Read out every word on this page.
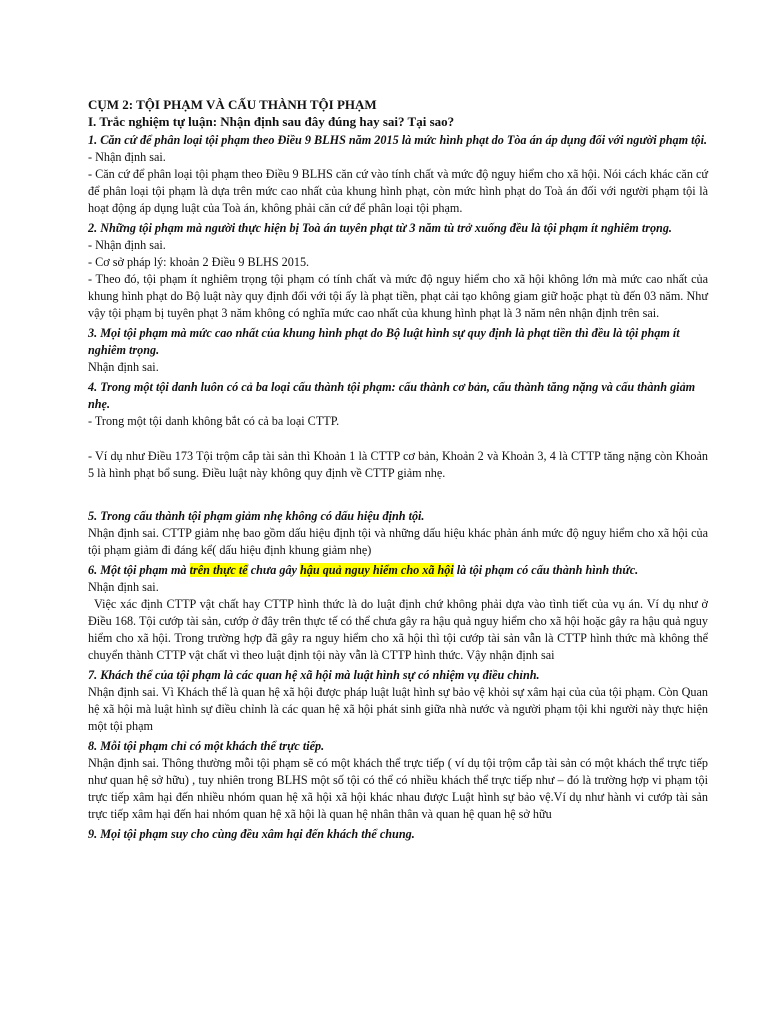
CỤM 2: TỘI PHẠM VÀ CẤU THÀNH TỘI PHẠM

I. Trắc nghiệm tự luận: Nhận định sau đây đúng hay sai? Tại sao?

1. Căn cứ để phân loại tội phạm theo Điều 9 BLHS năm 2015 là mức hình phạt do Tòa án áp dụng đối với người phạm tội.

- Nhận định sai.

- Căn cứ để phân loại tội phạm theo Điều 9 BLHS căn cứ vào tính chất và mức độ nguy hiểm cho xã hội. Nói cách khác căn cứ để phân loại tội phạm là dựa trên mức cao nhất của khung hình phạt, còn mức hình phạt do Toà án đối với người phạm tội là hoạt động áp dụng luật của Toà án, không phải căn cứ để phân loại tội phạm.

2. Những tội phạm mà người thực hiện bị Toà án tuyên phạt từ 3 năm tù trở xuống đều là tội phạm ít nghiêm trọng.

- Nhận định sai.

- Cơ sở pháp lý: khoản 2 Điều 9 BLHS 2015.

- Theo đó, tội phạm ít nghiêm trọng tội phạm có tính chất và mức độ nguy hiểm cho xã hội không lớn mà mức cao nhất của khung hình phạt do Bộ luật này quy định đối với tội ấy là phạt tiền, phạt cải tạo không giam giữ hoặc phạt tù đến 03 năm. Như vậy tội phạm bị tuyên phạt 3 năm không có nghĩa mức cao nhất của khung hình phạt là 3 năm nên nhận định trên sai.

3. Mọi tội phạm mà mức cao nhất của khung hình phạt do Bộ luật hình sự quy định là phạt tiền thì đều là tội phạm ít nghiêm trọng.

Nhận định sai.

4. Trong một tội danh luôn có cả ba loại cấu thành tội phạm: cấu thành cơ bản, cấu thành tăng nặng và cấu thành giảm nhẹ.

- Trong một tội danh không bắt có cả ba loại CTTP.

- Ví dụ như Điều 173 Tội trộm cắp tài sản thì Khoản 1 là CTTP cơ bản, Khoản 2 và Khoản 3, 4 là CTTP tăng nặng còn Khoản 5 là hình phạt bổ sung. Điều luật này không quy định về CTTP giảm nhẹ.

5. Trong cấu thành tội phạm giảm nhẹ không có dấu hiệu định tội.

Nhận định sai. CTTP giảm nhẹ bao gồm dấu hiệu định tội và những dấu hiệu khác phản ánh mức độ nguy hiểm cho xã hội của tội phạm giảm đi đáng kể( dấu hiệu định khung giảm nhẹ)

6. Một tội phạm mà trên thực tế chưa gây hậu quả nguy hiểm cho xã hội là tội phạm có cấu thành hình thức.

Nhận định sai.

Việc xác định CTTP vật chất hay CTTP hình thức là do luật định chứ không phải dựa vào tình tiết của vụ án. Ví dụ như ở Điều 168. Tội cướp tài sản, cướp ở đây trên thực tế có thể chưa gây ra hậu quả nguy hiểm cho xã hội hoặc gây ra hậu quả nguy hiểm cho xã hội. Trong trường hợp đã gây ra nguy hiểm cho xã hội thì tội cướp tài sản vẫn là CTTP hình thức mà không thể chuyển thành CTTP vật chất vì theo luật định tội này vẫn là CTTP hình thức. Vậy nhận định sai

7. Khách thể của tội phạm là các quan hệ xã hội mà luật hình sự có nhiệm vụ điều chỉnh.

Nhận định sai. Vì Khách thể là quan hệ xã hội được pháp luật luật hình sự bảo vệ khỏi sự xâm hại của của tội phạm. Còn Quan hệ xã hội mà luật hình sự điều chỉnh là các quan hệ xã hội phát sinh giữa nhà nước và người phạm tội khi người này thực hiện một tội phạm

8. Mỗi tội phạm chỉ có một khách thể trực tiếp.

Nhận định sai. Thông thường mỗi tội phạm sẽ có một khách thể trực tiếp ( ví dụ tội trộm cắp tài sản có một khách thể trực tiếp như quan hệ sở hữu) , tuy nhiên trong BLHS một số tội có thể có nhiều khách thể trực tiếp như – đó là trường hợp vi phạm tội trực tiếp xâm hại đến nhiều nhóm quan hệ xã hội xã hội khác nhau được Luật hình sự bảo vệ.Ví dụ như hành vi cướp tài sản trực tiếp xâm hại đến hai nhóm quan hệ xã hội là quan hệ nhân thân và quan hệ quan hệ sở hữu

9. Mọi tội phạm suy cho cùng đều xâm hại đến khách thể chung.
